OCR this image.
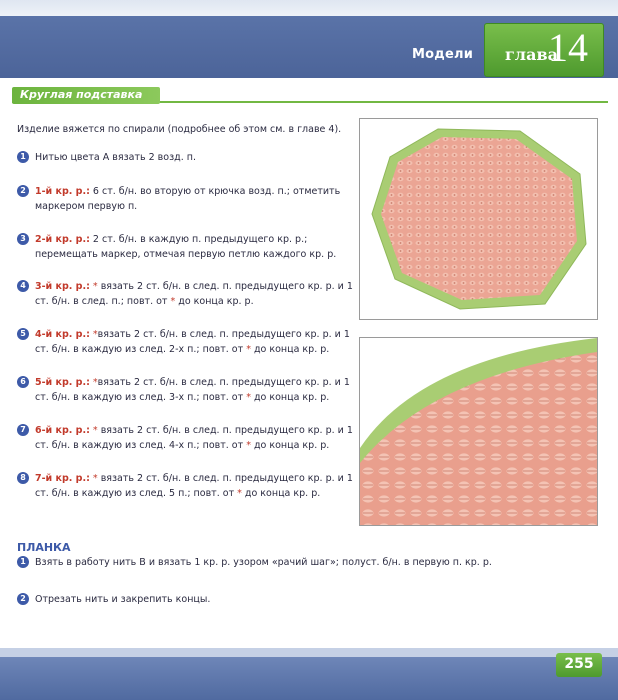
Модели глава
14
Круглая подставка
Изделие вяжется по спирали (подробнее об этом см. в главе 4).
1 Нитью цвета А вязать 2 возд. п.
2 1-й кр. р.: 6 ст. б/н. во вторую от крючка возд. п.; отметить маркером первую п.
3 2-й кр. р.: 2 ст. б/н. в каждую п. предыдущего кр. р.; перемещать маркер, отмечая первую петлю каждого кр. р.
4 3-й кр. р.: * вязать 2 ст. б/н. в след. п. предыдущего кр. р. и 1 ст. б/н. в след. п.; повт. от * до конца кр. р.
5 4-й кр. р.: *вязать 2 ст. б/н. в след. п. предыдущего кр. р. и 1 ст. б/н. в каждую из след. 2-х п.; повт. от * до конца кр. р.
6 5-й кр. р.: *вязать 2 ст. б/н. в след. п. предыдущего кр. р. и 1 ст. б/н. в каждую из след. 3-х п.; повт. от * до конца кр. р.
7 6-й кр. р.: * вязать 2 ст. б/н. в след. п. предыдущего кр. р. и 1 ст. б/н. в каждую из след. 4-х п.; повт. от * до конца кр. р.
8 7-й кр. р.: * вязать 2 ст. б/н. в след. п. предыдущего кр. р. и 1 ст. б/н. в каждую из след. 5 п.; повт. от * до конца кр. р.
ПЛАНКА
1 Взять в работу нить В и вязать 1 кр. р. узором «рачий шаг»; полуст. б/н. в первую п. кр. р.
2 Отрезать нить и закрепить концы.
255
